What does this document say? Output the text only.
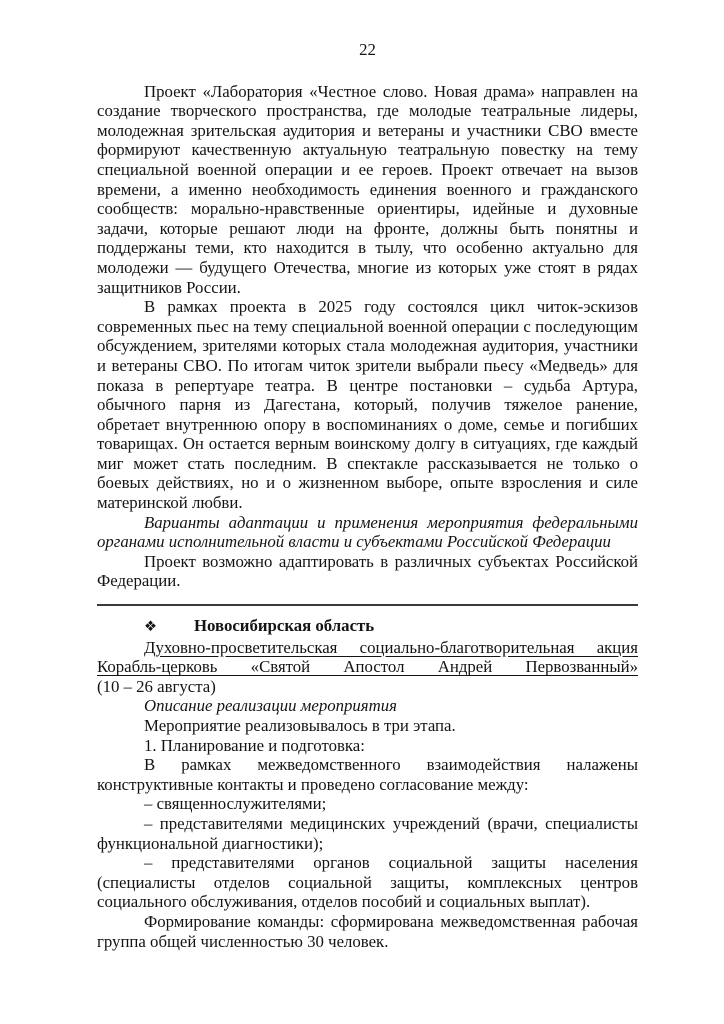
22

Проект «Лаборатория «Честное слово. Новая драма» направлен на создание творческого пространства, где молодые театральные лидеры, молодежная зрительская аудитория и ветераны и участники СВО вместе формируют качественную актуальную театральную повестку на тему специальной военной операции и ее героев. Проект отвечает на вызов времени, а именно необходимость единения военного и гражданского сообществ: морально-нравственные ориентиры, идейные и духовные задачи, которые решают люди на фронте, должны быть понятны и поддержаны теми, кто находится в тылу, что особенно актуально для молодежи — будущего Отечества, многие из которых уже стоят в рядах защитников России.

В рамках проекта в 2025 году состоялся цикл читок-эскизов современных пьес на тему специальной военной операции с последующим обсуждением, зрителями которых стала молодежная аудитория, участники и ветераны СВО. По итогам читок зрители выбрали пьесу «Медведь» для показа в репертуаре театра. В центре постановки – судьба Артура, обычного парня из Дагестана, который, получив тяжелое ранение, обретает внутреннюю опору в воспоминаниях о доме, семье и погибших товарищах. Он остается верным воинскому долгу в ситуациях, где каждый миг может стать последним. В спектакле рассказывается не только о боевых действиях, но и о жизненном выборе, опыте взросления и силе материнской любви.

Варианты адаптации и применения мероприятия федеральными органами исполнительной власти и субъектами Российской Федерации

Проект возможно адаптировать в различных субъектах Российской Федерации.

❖ Новосибирская область

Духовно-просветительская социально-благотворительная акция Корабль-церковь «Святой Апостол Андрей Первозванный»

(10 – 26 августа)

Описание реализации мероприятия

Мероприятие реализовывалось в три этапа.

1. Планирование и подготовка:

В рамках межведомственного взаимодействия налажены конструктивные контакты и проведено согласование между:

– священнослужителями;

– представителями медицинских учреждений (врачи, специалисты функциональной диагностики);

– представителями органов социальной защиты населения (специалисты отделов социальной защиты, комплексных центров социального обслуживания, отделов пособий и социальных выплат).

Формирование команды: сформирована межведомственная рабочая группа общей численностью 30 человек.
